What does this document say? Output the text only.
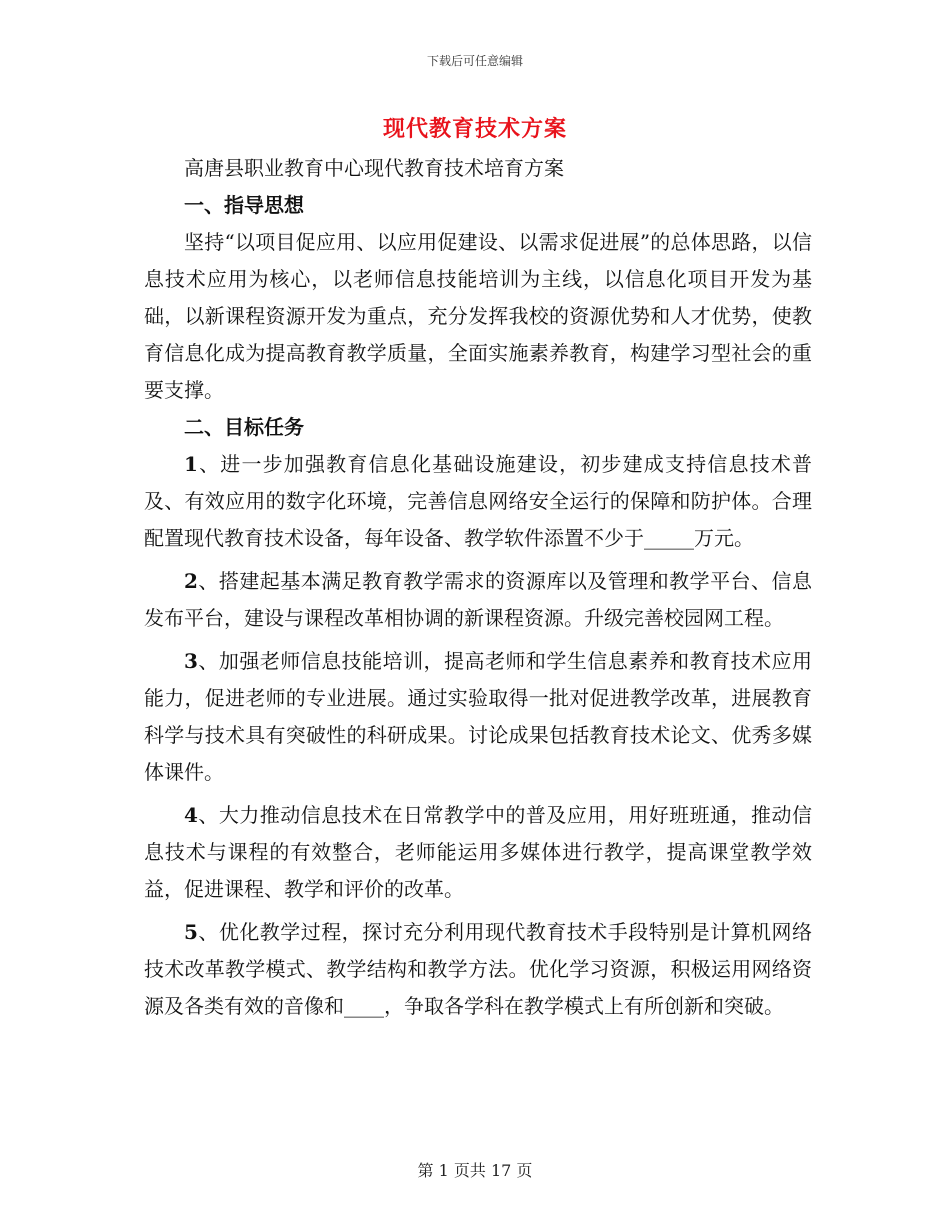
下载后可任意编辑
现代教育技术方案

高唐县职业教育中心现代教育技术培育方案

一、指导思想

坚持“以项目促应用、以应用促建设、以需求促进展”的总体思路，以信息技术应用为核心，以老师信息技能培训为主线，以信息化项目开发为基础，以新课程资源开发为重点，充分发挥我校的资源优势和人才优势，使教育信息化成为提高教育教学质量，全面实施素养教育，构建学习型社会的重要支撑。

二、目标任务

1、进一步加强教育信息化基础设施建设，初步建成支持信息技术普及、有效应用的数字化环境，完善信息网络安全运行的保障和防护体。合理配置现代教育技术设备，每年设备、教学软件添置不少于_____万元。

2、搭建起基本满足教育教学需求的资源库以及管理和教学平台、信息发布平台，建设与课程改革相协调的新课程资源。升级完善校园网工程。

3、加强老师信息技能培训，提高老师和学生信息素养和教育技术应用能力，促进老师的专业进展。通过实验取得一批对促进教学改革，进展教育科学与技术具有突破性的科研成果。讨论成果包括教育技术论文、优秀多媒体课件。

4、大力推动信息技术在日常教学中的普及应用，用好班班通，推动信息技术与课程的有效整合，老师能运用多媒体进行教学，提高课堂教学效益，促进课程、教学和评价的改革。

5、优化教学过程，探讨充分利用现代教育技术手段特别是计算机网络技术改革教学模式、教学结构和教学方法。优化学习资源，积极运用网络资源及各类有效的音像和____，争取各学科在教学模式上有所创新和突破。

第 1 页共 17 页
